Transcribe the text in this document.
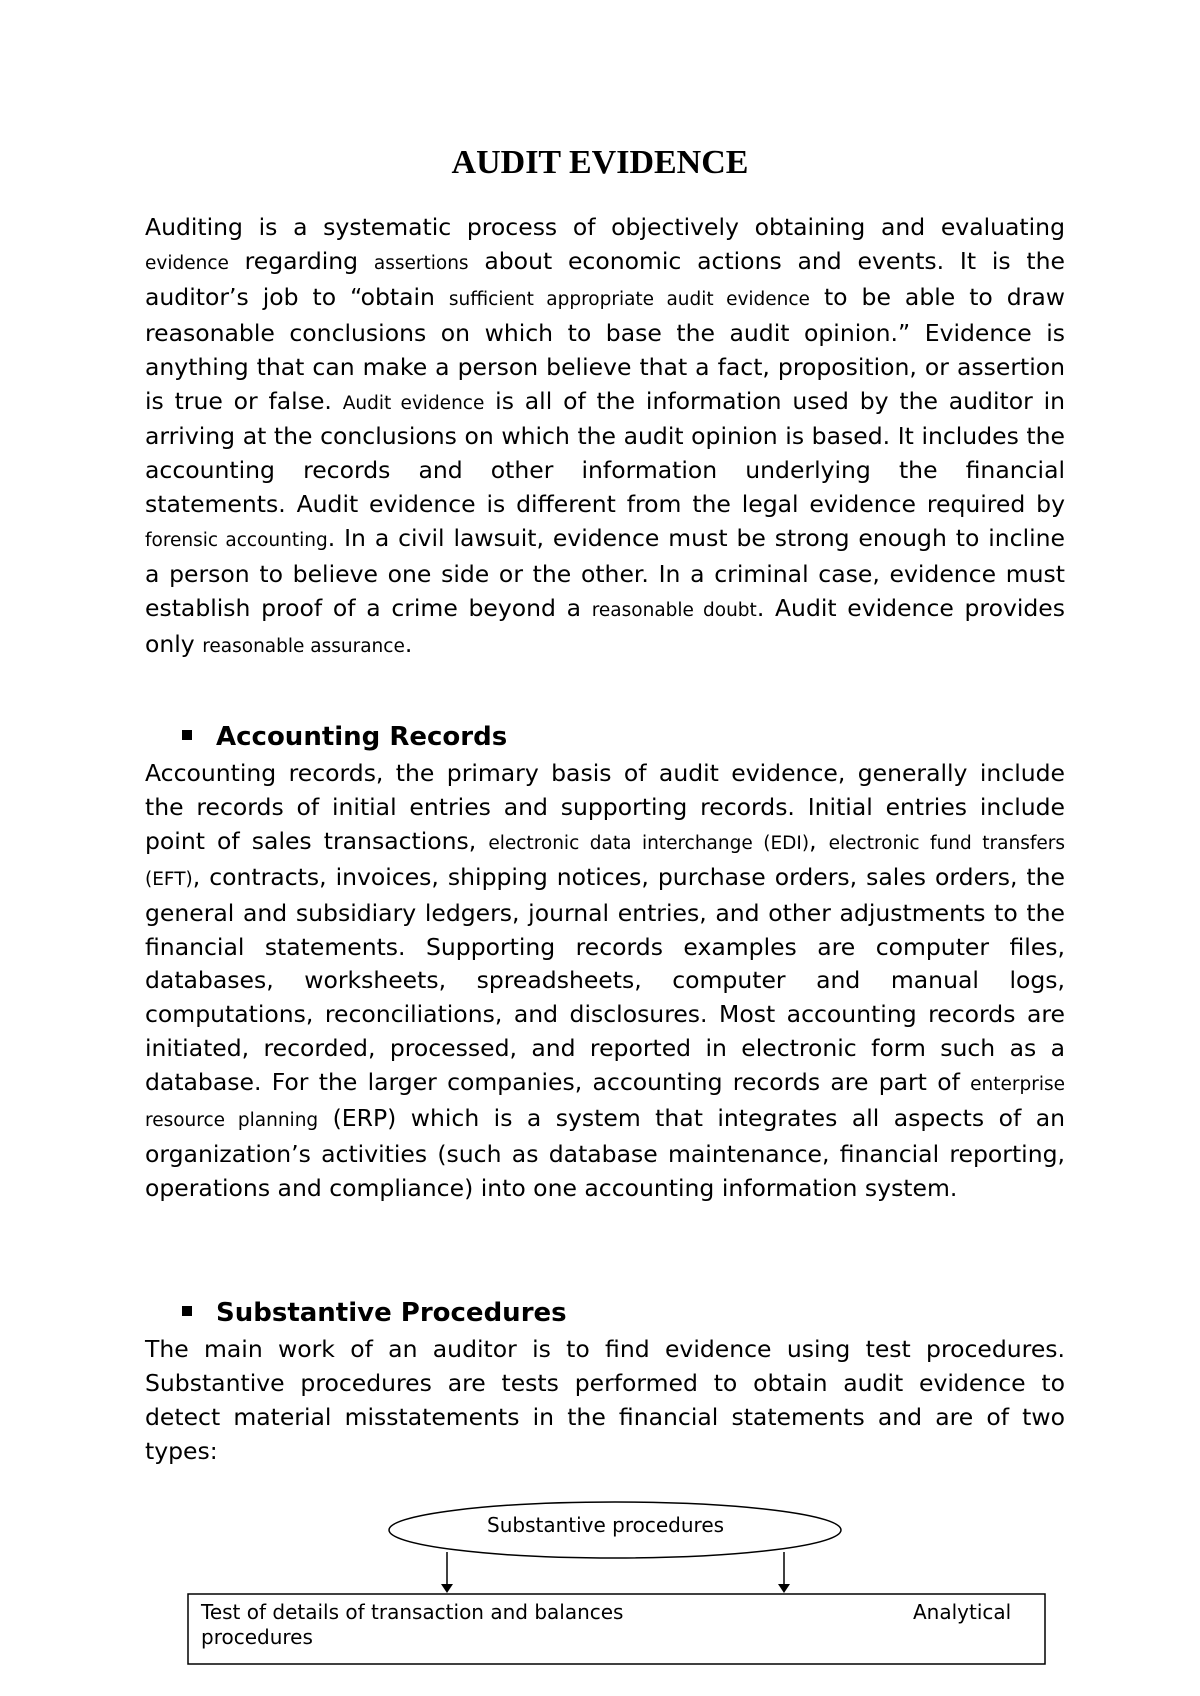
AUDIT EVIDENCE

Auditing is a systematic process of objectively obtaining and evaluating evidence regarding assertions about economic actions and events. It is the auditor’s job to “obtain sufficient appropriate audit evidence to be able to draw reasonable conclusions on which to base the audit opinion.” Evidence is anything that can make a person believe that a fact, proposition, or assertion is true or false. Audit evidence is all of the information used by the auditor in arriving at the conclusions on which the audit opinion is based. It includes the accounting records and other information underlying the financial statements. Audit evidence is different from the legal evidence required by forensic accounting. In a civil lawsuit, evidence must be strong enough to incline a person to believe one side or the other. In a criminal case, evidence must establish proof of a crime beyond a reasonable doubt. Audit evidence provides only reasonable assurance.

Accounting Records

Accounting records, the primary basis of audit evidence, generally include the records of initial entries and supporting records. Initial entries include point of sales transactions, electronic data interchange (EDI), electronic fund transfers (EFT), contracts, invoices, shipping notices, purchase orders, sales orders, the general and subsidiary ledgers, journal entries, and other adjustments to the financial statements. Supporting records examples are computer files, databases, worksheets, spreadsheets, computer and manual logs, computations, reconciliations, and disclosures. Most accounting records are initiated, recorded, processed, and reported in electronic form such as a database. For the larger companies, accounting records are part of enterprise resource planning (ERP) which is a system that integrates all aspects of an organization’s activities (such as database maintenance, financial reporting, operations and compliance) into one accounting information system.

Substantive Procedures

The main work of an auditor is to find evidence using test procedures. Substantive procedures are tests performed to obtain audit evidence to detect material misstatements in the financial statements and are of two types:

Substantive procedures
Test of details of transaction and balances	Analytical
procedures
